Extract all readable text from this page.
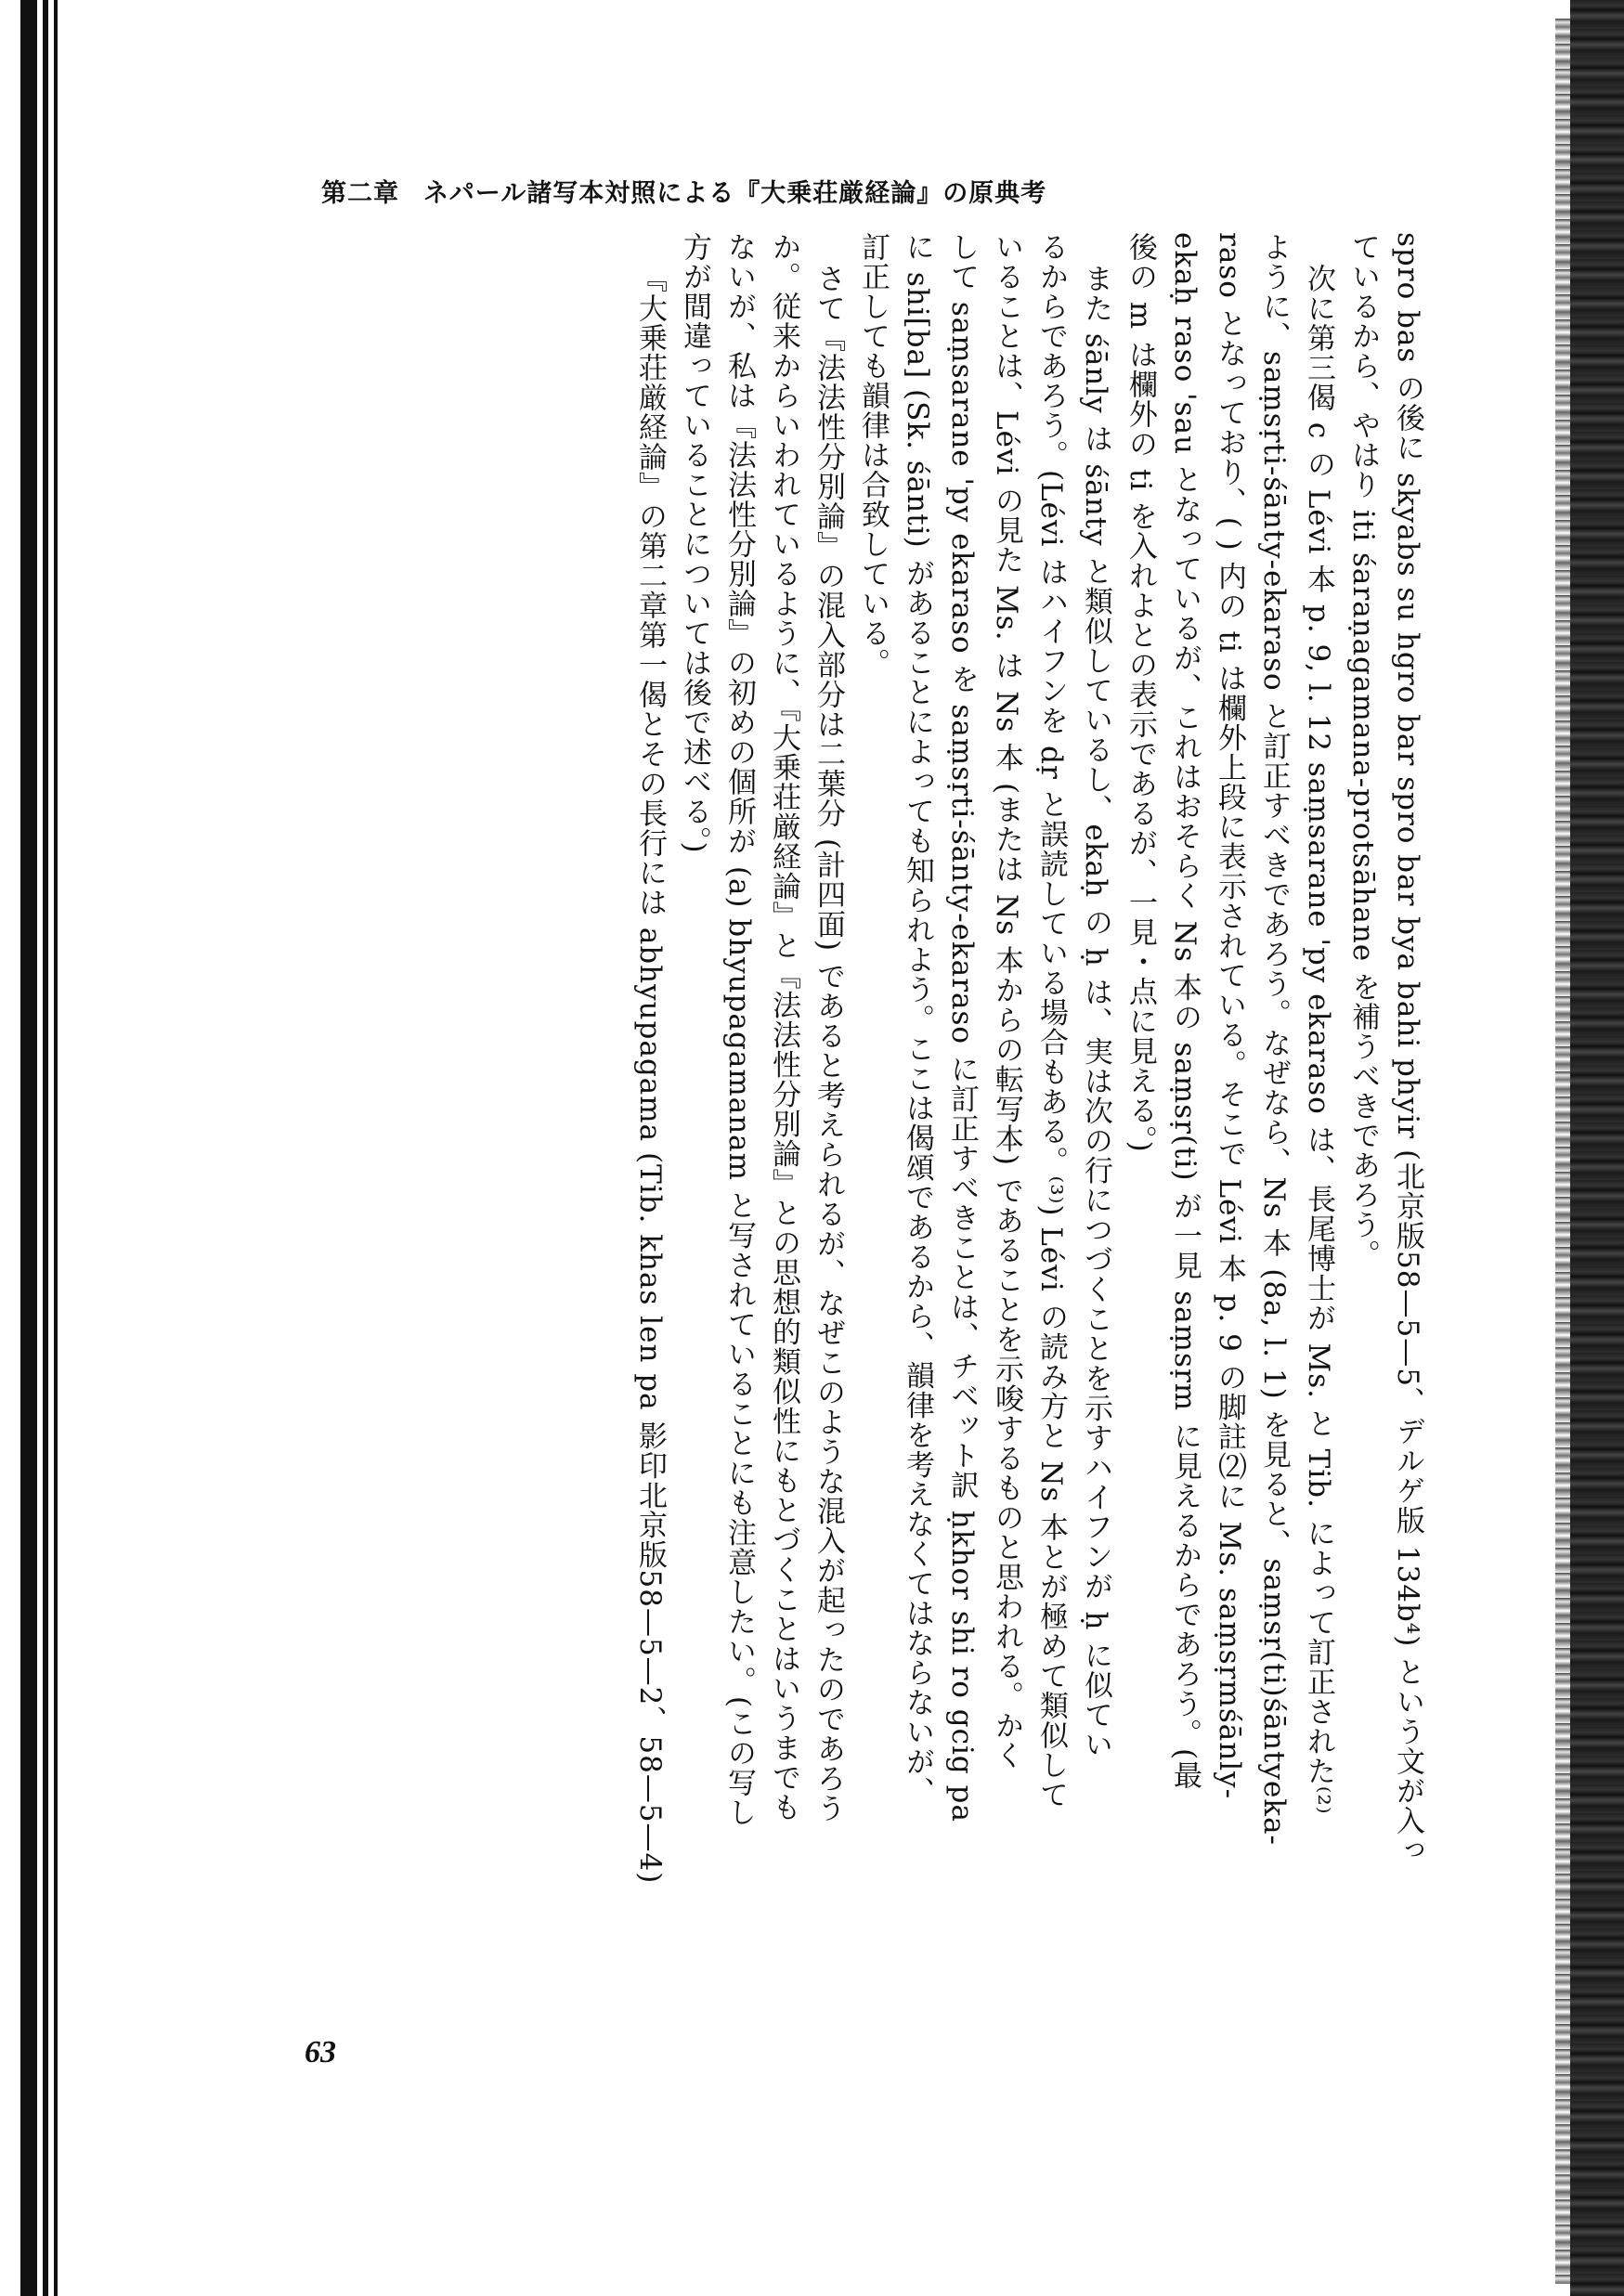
第二章 ネパール諸写本対照による『大乗荘厳経論』の原典考
spro bas の後に skyabs su hgro bar spro bar bya bahi phyir (北京版58—5—5、デルゲ版 134b⁴) という文が入っ
ているから、やはり iti śaraṇagamana-protsāhane を補うべきであろう。
次に第三偈 c の Lévi 本 p. 9, l. 12 saṃsarane 'py ekaraso は、長尾博士が Ms. と Tib. によって訂正された⁽²⁾
ように、saṃsṛti-śānty-ekaraso と訂正すべきであろう。なぜなら、Ns 本 (8a, l. 1) を見ると、saṃsṛ(ti)śāntyeka-
raso となっており、( ) 内の ti は欄外上段に表示されている。そこで Lévi 本 p. 9 の脚註⑵に Ms. saṃsṛmśānly-
ekaḥ raso 'sau となっているが、これはおそらく Ns 本の saṃsṛ(ti) が一見 saṃsṛm に見えるからであろう。(最
後の m は欄外の ti を入れよとの表示であるが、一見・点に見える。)
また śānly は śānty と類似しているし、ekaḥ の ḥ は、実は次の行につづくことを示すハイフンが ḥ に似てい
るからであろう。(Lévi はハイフンを dṛ と誤読している場合もある。⁽³⁾) Lévi の読み方と Ns 本とが極めて類似して
いることは、Lévi の見た Ms. は Ns 本 (または Ns 本からの転写本) であることを示唆するものと思われる。かく
して saṃsarane 'py ekaraso を saṃsṛti-śānty-ekaraso に訂正すべきことは、チベット訳 ḥkhor shi ro gcig pa
に shi[ba] (Sk. śānti) があることによっても知られよう。ここは偈頌であるから、韻律を考えなくてはならないが、
訂正しても韻律は合致している。
さて『法法性分別論』の混入部分は二葉分 (計四面) であると考えられるが、なぜこのような混入が起ったのであろう
か。従来からいわれているように、『大乗荘厳経論』と『法法性分別論』との思想的類似性にもとづくことはいうまでも
ないが、私は『法法性分別論』の初めの個所が (a) bhyupagamanam と写されていることにも注意したい。(この写し
方が間違っていることについては後で述べる。)
『大乗荘厳経論』の第二章第一偈とその長行には abhyupagama (Tib. khas len pa 影印北京版58—5—2、58—5—4)
63
